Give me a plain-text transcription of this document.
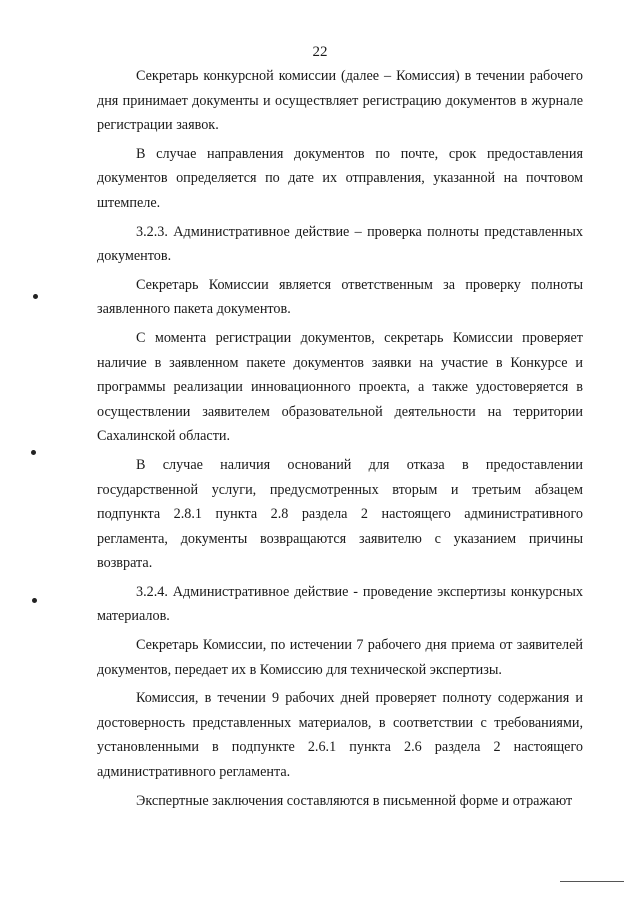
22

Секретарь конкурсной комиссии (далее – Комиссия) в течении рабочего дня принимает документы и осуществляет регистрацию документов в журнале регистрации заявок.

В случае направления документов по почте, срок предоставления документов определяется по дате их отправления, указанной на почтовом штемпеле.

3.2.3. Административное действие – проверка полноты представленных документов.

Секретарь Комиссии является ответственным за проверку полноты заявленного пакета документов.

С момента регистрации документов, секретарь Комиссии проверяет наличие в заявленном пакете документов заявки на участие в Конкурсе и программы реализации инновационного проекта, а также удостоверяется в осуществлении заявителем образовательной деятельности на территории Сахалинской области.

В случае наличия оснований для отказа в предоставлении государственной услуги, предусмотренных вторым и третьим абзацем подпункта 2.8.1 пункта 2.8 раздела 2 настоящего административного регламента, документы возвращаются заявителю с указанием причины возврата.

3.2.4. Административное действие - проведение экспертизы конкурсных материалов.

Секретарь Комиссии, по истечении 7 рабочего дня приема от заявителей документов, передает их в Комиссию для технической экспертизы.

Комиссия, в течении 9 рабочих дней проверяет полноту содержания и достоверность представленных материалов, в соответствии с требованиями, установленными в подпункте 2.6.1 пункта 2.6 раздела 2 настоящего административного регламента.

Экспертные заключения составляются в письменной форме и отражают
